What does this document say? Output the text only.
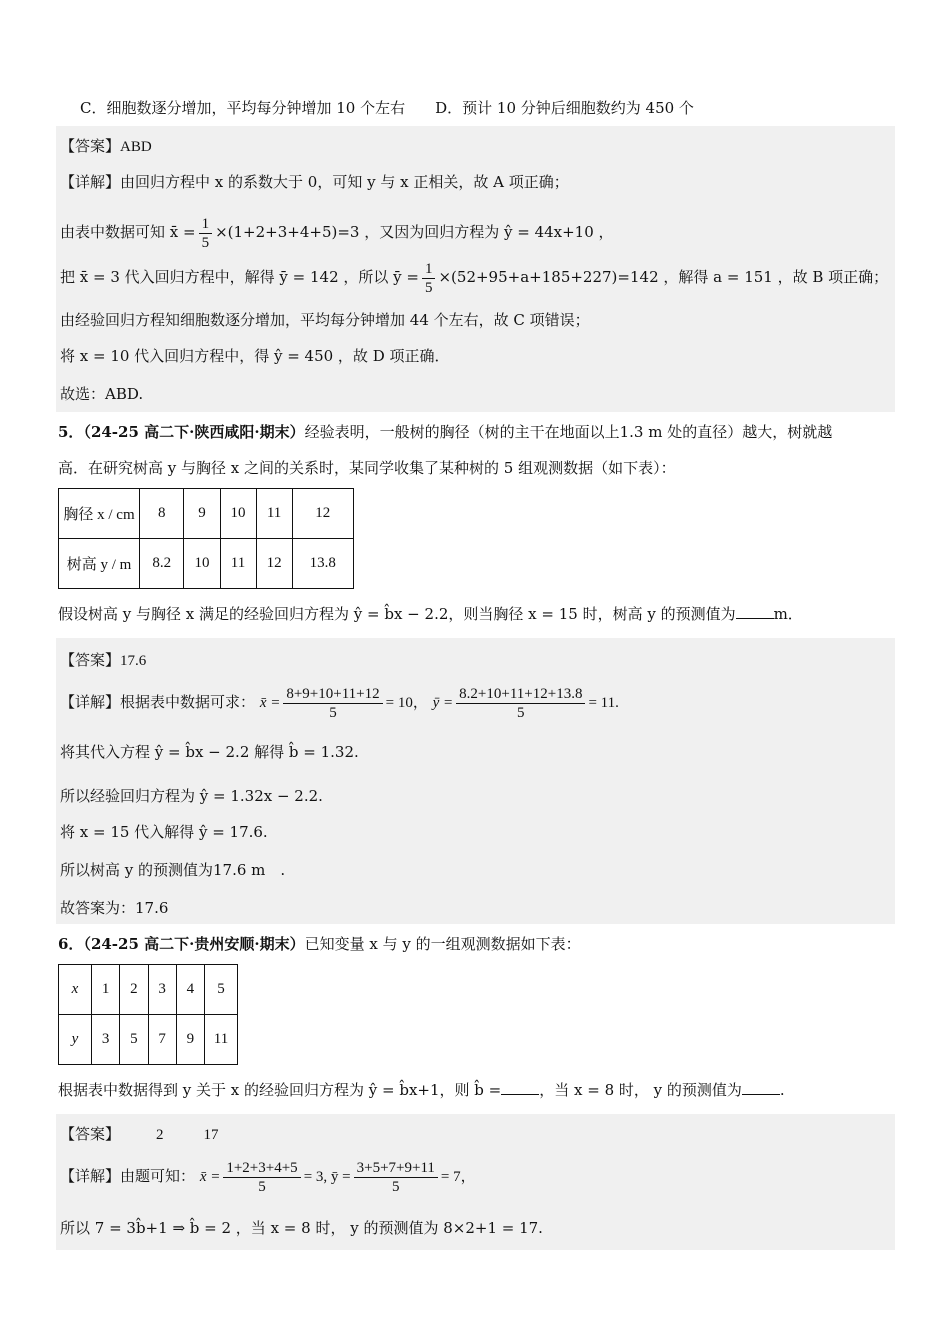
C．细胞数逐分增加，平均每分钟增加 10 个左右　　D．预计 10 分钟后细胞数约为 450 个
【答案】ABD
【详解】由回归方程中 x 的系数大于 0，可知 y 与 x 正相关，故 A 项正确；
由表中数据可知 x̄ = $\frac{1}{5} \times(1+2+3+4+5)=3$ ，又因为回归方程为 ŷ = 44x+10 ，
把 x̄ = 3 代入回归方程中，解得 ȳ = 142 ，所以 ȳ = $\frac{1}{5} \times(52+95+a+185+227)=142$ ，解得 a = 151 ，故 B 项正确；
由经验回归方程知细胞数逐分增加，平均每分钟增加 44 个左右，故 C 项错误；
将 x = 10 代入回归方程中，得 ŷ = 450 ，故 D 项正确．
故选：ABD.
5．（24-25 高二下·陕西咸阳·期末）经验表明，一般树的胸径（树的主干在地面以上1.3 m 处的直径）越大，树就越
高．在研究树高 y 与胸径 x 之间的关系时，某同学收集了某种树的 5 组观测数据（如下表）：
胸径 x / cm	8	9	10	11	12
树高 y / m	8.2	10	11	12	13.8
假设树高 y 与胸径 x 满足的经验回归方程为 ŷ = b̂x − 2.2，则当胸径 x = 15 时，树高 y 的预测值为	m．
【答案】17.6
【详解】根据表中数据可求： x̄ = $\frac{8+9+10+11+12}{5} = 10$， ȳ = $\frac{8.2+10+11+12+13.8}{5} = 11$.
将其代入方程 ŷ = b̂x − 2.2 解得 b̂ = 1.32.
所以经验回归方程为 ŷ = 1.32x − 2.2.
将 x = 15 代入解得 ŷ = 17.6.
所以树高 y 的预测值为17.6 m　.
故答案为：17.6
6．（24-25 高二下·贵州安顺·期末）已知变量 x 与 y 的一组观测数据如下表：
x	1	2	3	4	5
y	3	5	7	9	11
根据表中数据得到 y 关于 x 的经验回归方程为 ŷ = b̂x+1，则 b̂ =	，当 x = 8 时， y 的预测值为	.
【答案】 2	17
【详解】由题可知： x̄ = $\frac{1+2+3+4+5}{5} = 3$, ȳ = $\frac{3+5+7+9+11}{5} = 7$，
所以 7 = 3b̂+1 ⇒ b̂ = 2 ，当 x = 8 时， y 的预测值为 8×2+1 = 17.
